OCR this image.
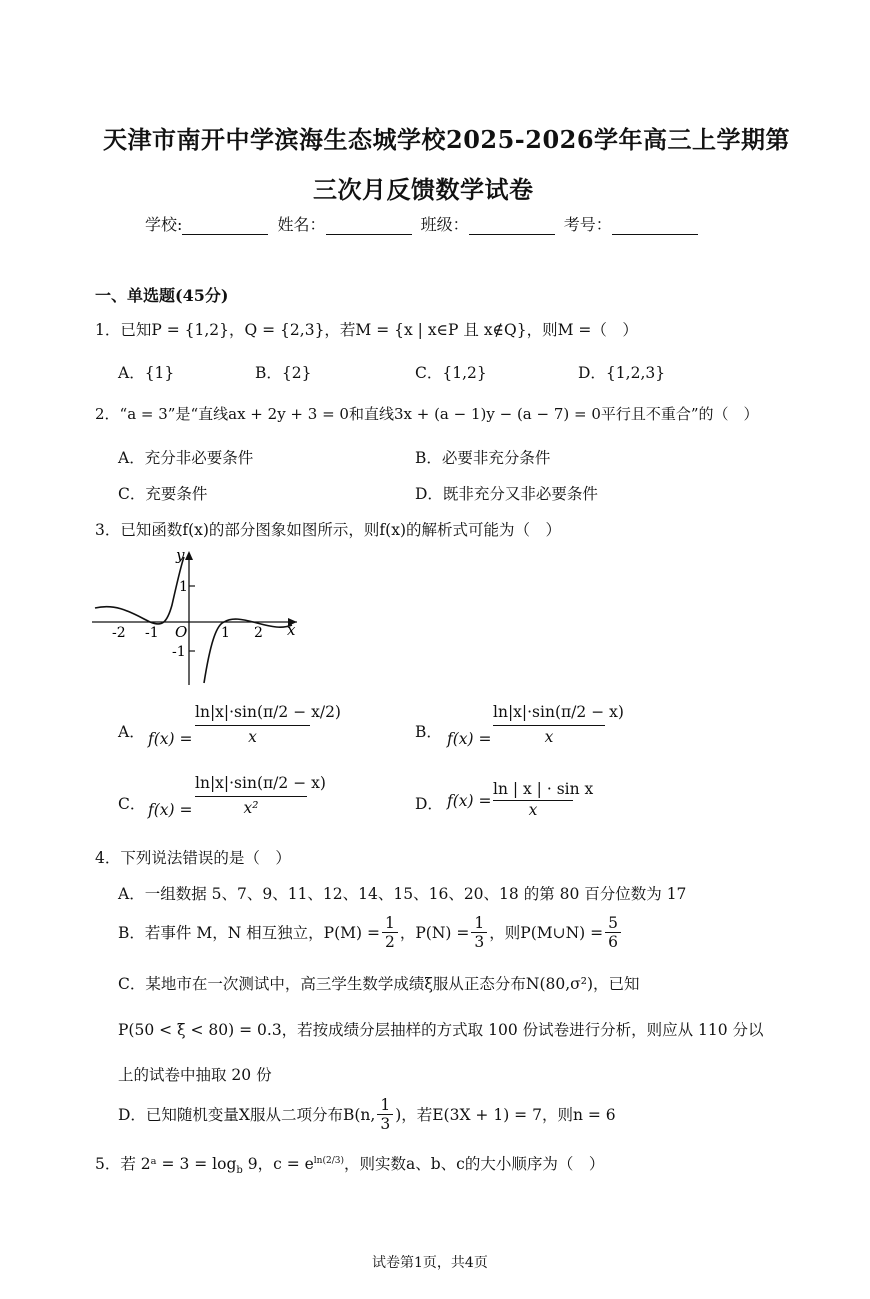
天津市南开中学滨海生态城学校2025-2026学年高三上学期第
三次月反馈数学试卷
学校:	姓名：	班级：	考号：
一、单选题(45分)
1．已知P = {1,2}，Q = {2,3}，若M = {x | x∈P 且 x∉Q}，则M =（　）
A．{1}	B．{2}	C．{1,2}	D．{1,2,3}
2．“a = 3”是“直线ax + 2y + 3 = 0和直线3x + (a − 1)y − (a − 7) = 0平行且不重合”的（　）
A．充分非必要条件	B．必要非充分条件
C．充要条件	D．既非充分又非必要条件
3．已知函数f(x)的部分图象如图所示，则f(x)的解析式可能为（　）
y
x
O
-2 -1	1 2
1
-1
A． $f(x) = \frac{\ln|x|\cdot\sin(\pi/2 - x/2)}{x}$	B． $f(x) = \frac{\ln|x|\cdot\sin(\pi/2 - x)}{x}$
C． $f(x) = \frac{\ln|x|\cdot\sin(\pi/2 - x)}{\text{x²}}$	D． $f(x) = \frac{\text{ln | x | · sin x}}{x}$
4．下列说法错误的是（　）
A．一组数据 5、7、9、11、12、14、15、16、20、18 的第 80 百分位数为 17
B．若事件 M，N 相互独立，$P(M) = \frac{1}{2}$ ，$P(N) = \frac{1}{3}$ ，则P(M∪N) = $\frac{5}{6}$
C．某地市在一次测试中，高三学生数学成绩ξ服从正态分布N(80,σ²)，已知
P(50 < ξ < 80) = 0.3，若按成绩分层抽样的方式取 100 份试卷进行分析，则应从 110 分以
上的试卷中抽取 20 份
D．已知随机变量X服从二项分布B(n, $\frac{1}{3}$ )，若E(3X + 1) = 7，则n = 6
5．若 2ᵃ = $3 = \log_b 9$，$c = e^{ln(2/3)}$，则实数a、b、c的大小顺序为（　）
试卷第1页，共4页
